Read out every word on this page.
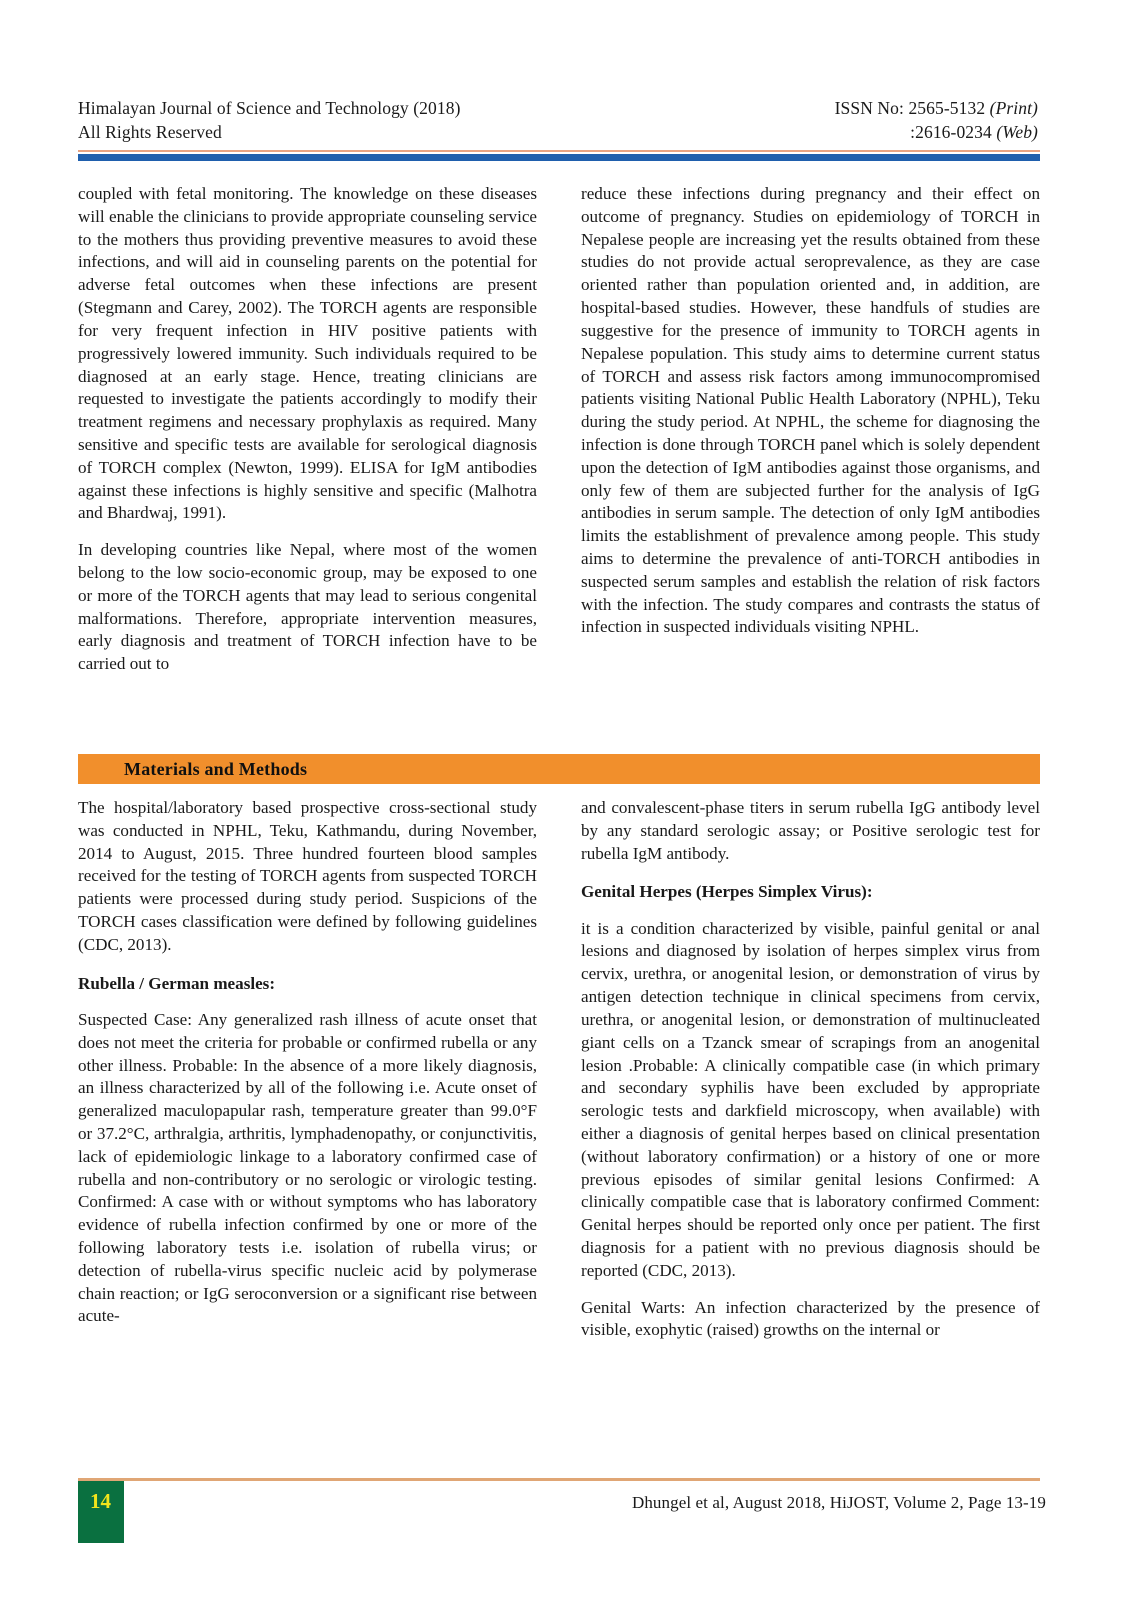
Himalayan Journal of Science and Technology (2018)	ISSN No: 2565-5132 (Print)
All Rights Reserved	:2616-0234 (Web)

coupled with fetal monitoring. The knowledge on these diseases will enable the clinicians to provide appropriate counseling service to the mothers thus providing preventive measures to avoid these infections, and will aid in counseling parents on the potential for adverse fetal outcomes when these infections are present (Stegmann and Carey, 2002). The TORCH agents are responsible for very frequent infection in HIV positive patients with progressively lowered immunity. Such individuals required to be diagnosed at an early stage. Hence, treating clinicians are requested to investigate the patients accordingly to modify their treatment regimens and necessary prophylaxis as required. Many sensitive and specific tests are available for serological diagnosis of TORCH complex (Newton, 1999). ELISA for IgM antibodies against these infections is highly sensitive and specific (Malhotra and Bhardwaj, 1991).

In developing countries like Nepal, where most of the women belong to the low socio-economic group, may be exposed to one or more of the TORCH agents that may lead to serious congenital malformations. Therefore, appropriate intervention measures, early diagnosis and treatment of TORCH infection have to be carried out to

reduce these infections during pregnancy and their effect on outcome of pregnancy. Studies on epidemiology of TORCH in Nepalese people are increasing yet the results obtained from these studies do not provide actual seroprevalence, as they are case oriented rather than population oriented and, in addition, are hospital-based studies. However, these handfuls of studies are suggestive for the presence of immunity to TORCH agents in Nepalese population. This study aims to determine current status of TORCH and assess risk factors among immunocompromised patients visiting National Public Health Laboratory (NPHL), Teku during the study period. At NPHL, the scheme for diagnosing the infection is done through TORCH panel which is solely dependent upon the detection of IgM antibodies against those organisms, and only few of them are subjected further for the analysis of IgG antibodies in serum sample. The detection of only IgM antibodies limits the establishment of prevalence among people. This study aims to determine the prevalence of anti-TORCH antibodies in suspected serum samples and establish the relation of risk factors with the infection. The study compares and contrasts the status of infection in suspected individuals visiting NPHL.

Materials and Methods

The hospital/laboratory based prospective cross-sectional study was conducted in NPHL, Teku, Kathmandu, during November, 2014 to August, 2015. Three hundred fourteen blood samples received for the testing of TORCH agents from suspected TORCH patients were processed during study period. Suspicions of the TORCH cases classification were defined by following guidelines (CDC, 2013).

Rubella / German measles:

Suspected Case: Any generalized rash illness of acute onset that does not meet the criteria for probable or confirmed rubella or any other illness. Probable: In the absence of a more likely diagnosis, an illness characterized by all of the following i.e. Acute onset of generalized maculopapular rash, temperature greater than 99.0°F or 37.2°C, arthralgia, arthritis, lymphadenopathy, or conjunctivitis, lack of epidemiologic linkage to a laboratory confirmed case of rubella and non-contributory or no serologic or virologic testing. Confirmed: A case with or without symptoms who has laboratory evidence of rubella infection confirmed by one or more of the following laboratory tests i.e. isolation of rubella virus; or detection of rubella-virus specific nucleic acid by polymerase chain reaction; or IgG seroconversion or a significant rise between acute-

and convalescent-phase titers in serum rubella IgG antibody level by any standard serologic assay; or Positive serologic test for rubella IgM antibody.

Genital Herpes (Herpes Simplex Virus):

it is a condition characterized by visible, painful genital or anal lesions and diagnosed by isolation of herpes simplex virus from cervix, urethra, or anogenital lesion, or demonstration of virus by antigen detection technique in clinical specimens from cervix, urethra, or anogenital lesion, or demonstration of multinucleated giant cells on a Tzanck smear of scrapings from an anogenital lesion .Probable: A clinically compatible case (in which primary and secondary syphilis have been excluded by appropriate serologic tests and darkfield microscopy, when available) with either a diagnosis of genital herpes based on clinical presentation (without laboratory confirmation) or a history of one or more previous episodes of similar genital lesions Confirmed: A clinically compatible case that is laboratory confirmed Comment: Genital herpes should be reported only once per patient. The first diagnosis for a patient with no previous diagnosis should be reported (CDC, 2013).

Genital Warts: An infection characterized by the presence of visible, exophytic (raised) growths on the internal or

14	Dhungel et al, August 2018, HiJOST, Volume 2, Page 13-19
